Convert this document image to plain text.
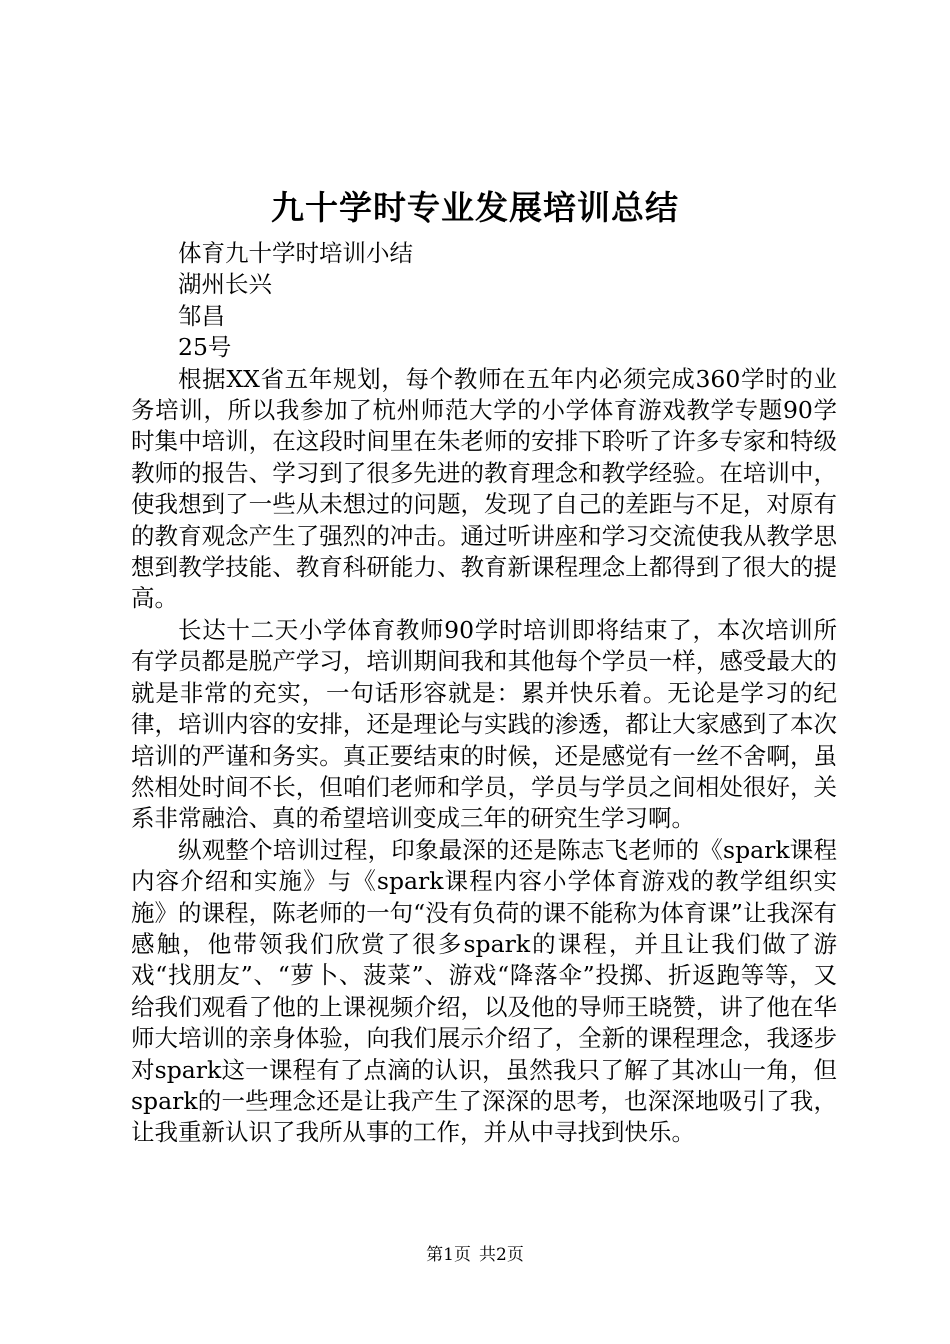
九十学时专业发展培训总结

体育九十学时培训小结

湖州长兴

邹昌

25号

根据XX省五年规划，每个教师在五年内必须完成360学时的业务培训，所以我参加了杭州师范大学的小学体育游戏教学专题90学时集中培训，在这段时间里在朱老师的安排下聆听了许多专家和特级教师的报告、学习到了很多先进的教育理念和教学经验。在培训中，使我想到了一些从未想过的问题，发现了自己的差距与不足，对原有的教育观念产生了强烈的冲击。通过听讲座和学习交流使我从教学思想到教学技能、教育科研能力、教育新课程理念上都得到了很大的提高。

长达十二天小学体育教师90学时培训即将结束了，本次培训所有学员都是脱产学习，培训期间我和其他每个学员一样，感受最大的就是非常的充实，一句话形容就是：累并快乐着。无论是学习的纪律，培训内容的安排，还是理论与实践的渗透，都让大家感到了本次培训的严谨和务实。真正要结束的时候，还是感觉有一丝不舍啊，虽然相处时间不长，但咱们老师和学员，学员与学员之间相处很好，关系非常融洽、真的希望培训变成三年的研究生学习啊。

纵观整个培训过程，印象最深的还是陈志飞老师的《spark课程内容介绍和实施》与《spark课程内容小学体育游戏的教学组织实施》的课程，陈老师的一句“没有负荷的课不能称为体育课”让我深有感触，他带领我们欣赏了很多spark的课程，并且让我们做了游戏“找朋友”、“萝卜、菠菜”、游戏“降落伞”投掷、折返跑等等，又给我们观看了他的上课视频介绍，以及他的导师王晓赞，讲了他在华师大培训的亲身体验，向我们展示介绍了，全新的课程理念，我逐步对spark这一课程有了点滴的认识，虽然我只了解了其冰山一角，但spark的一些理念还是让我产生了深深的思考，也深深地吸引了我，让我重新认识了我所从事的工作，并从中寻找到快乐。

第1页 共2页
